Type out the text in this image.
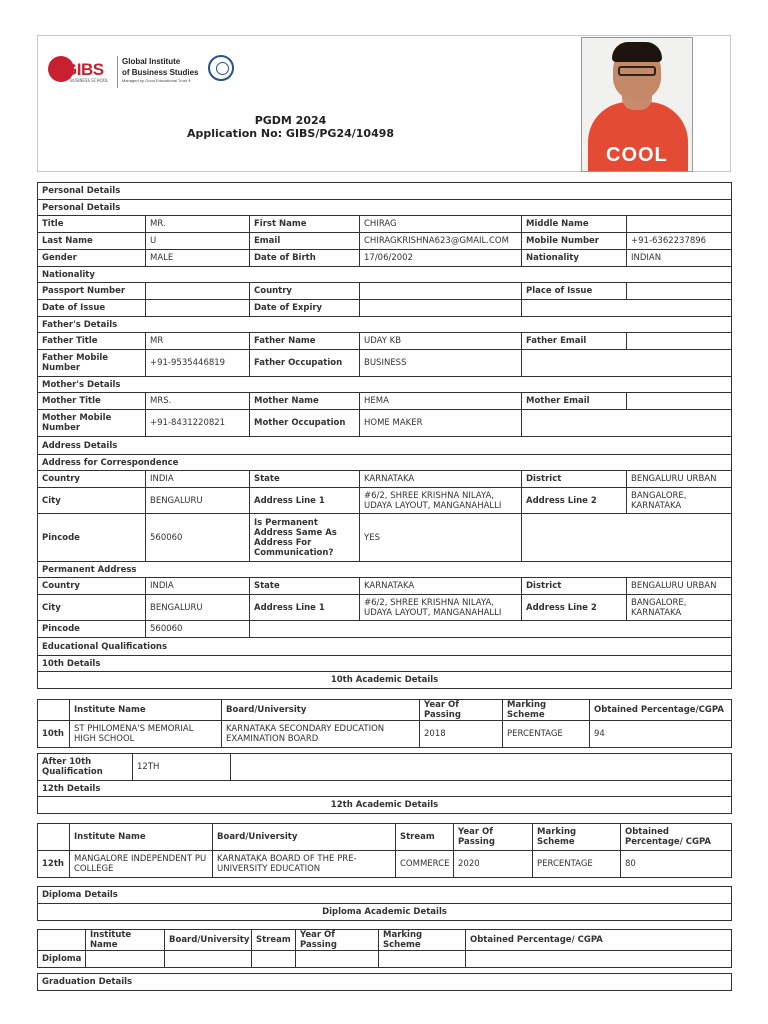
GIBS
BUSINESS SCHOOL
Global Institute
of Business Studies
Managed by Good Educational Trust ®
PGDM 2024
Application No: GIBS/PG24/10498
COOL
Personal Details					
Personal Details					
Title	MR.	First Name	CHIRAG	Middle Name	
Last Name	U	Email	CHIRAGKRISHNA623@GMAIL.COM	Mobile Number	+91-6362237896
Gender	MALE	Date of Birth	17/06/2002	Nationality	INDIAN
Nationality					
Passport Number		Country		Place of Issue	
Date of Issue		Date of Expiry			
Father's Details					
Father Title	MR	Father Name	UDAY KB	Father Email	
Father Mobile Number	+91-9535446819	Father Occupation	BUSINESS		
Mother's Details					
Mother Title	MRS.	Mother Name	HEMA	Mother Email	
Mother Mobile Number	+91-8431220821	Mother Occupation	HOME MAKER		
Address Details					
Address for Correspondence					
Country	INDIA	State	KARNATAKA	District	BENGALURU URBAN
City	BENGALURU	Address Line 1	#6/2, SHREE KRISHNA NILAYA, UDAYA LAYOUT, MANGANAHALLI	Address Line 2	BANGALORE, KARNATAKA
Pincode	560060	Is Permanent Address Same As Address For Communication?	YES		
Permanent Address					
Country	INDIA	State	KARNATAKA	District	BENGALURU URBAN
City	BENGALURU	Address Line 1	#6/2, SHREE KRISHNA NILAYA, UDAYA LAYOUT, MANGANAHALLI	Address Line 2	BANGALORE, KARNATAKA
Pincode	560060				
Educational Qualifications					
10th Details					
10th Academic Details					
	Institute Name	Board/University	Year Of Passing	Marking Scheme	Obtained Percentage/CGPA
10th	ST PHILOMENA'S MEMORIAL HIGH SCHOOL	KARNATAKA SECONDARY EDUCATION EXAMINATION BOARD	2018	PERCENTAGE	94
After 10th Qualification	12TH	
12th Details
12th Academic Details
	Institute Name	Board/University	Stream	Year Of Passing	Marking Scheme	Obtained Percentage/ CGPA
12th	MANGALORE INDEPENDENT PU COLLEGE	KARNATAKA BOARD OF THE PRE-UNIVERSITY EDUCATION	COMMERCE	2020	PERCENTAGE	80
Diploma Details
Diploma Academic Details
	Institute Name	Board/University	Stream	Year Of Passing	Marking Scheme	Obtained Percentage/ CGPA
Diploma						
Graduation Details
